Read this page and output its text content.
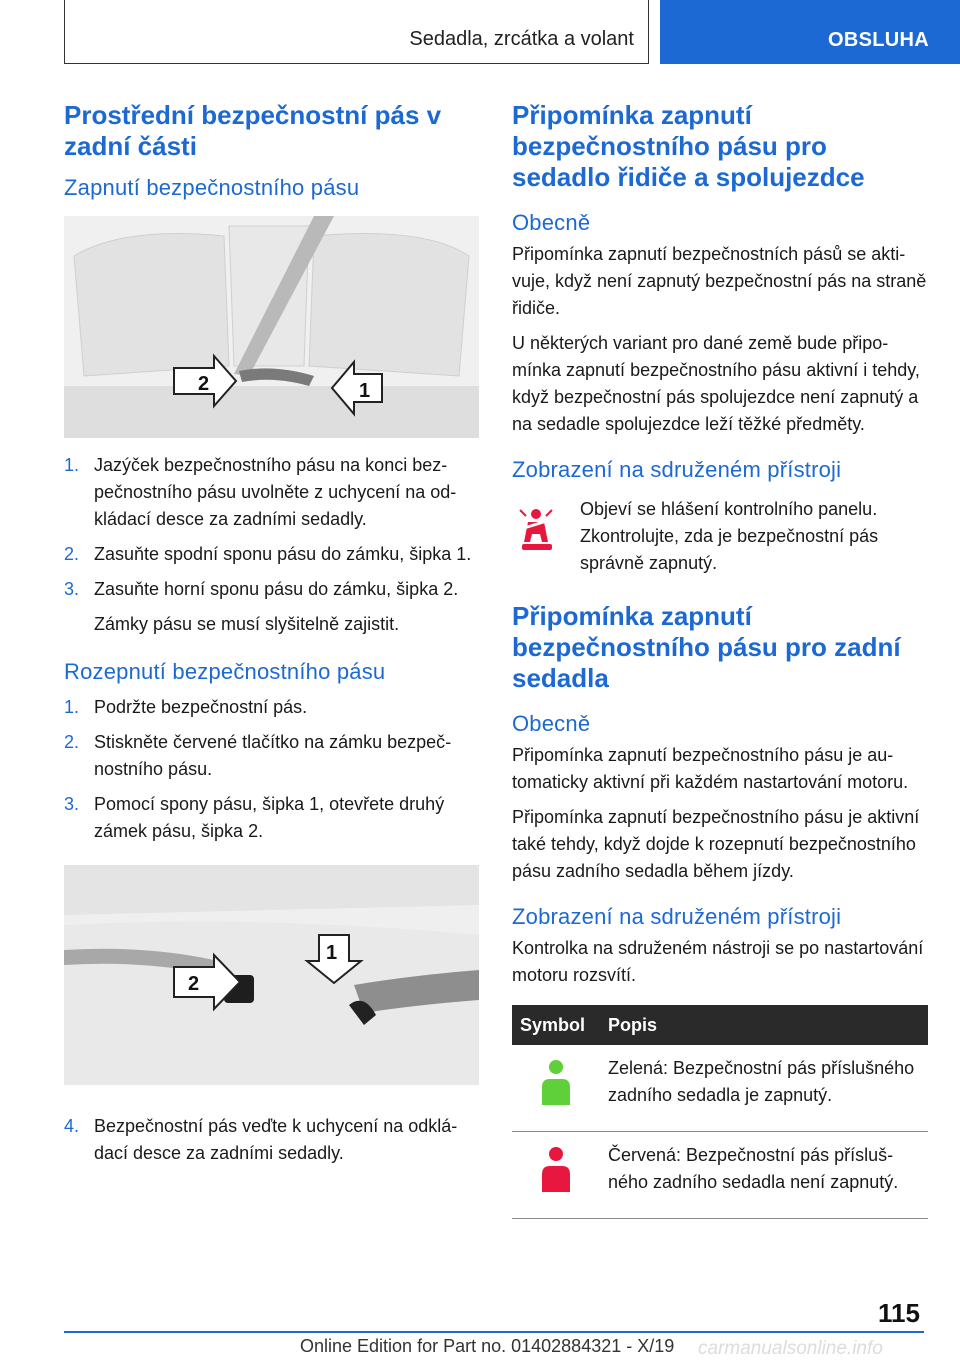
Sedadla, zrcátka a volant	OBSLUHA
Prostřední bezpečnostní pás v zadní části
Zapnutí bezpečnostního pásu
2	1
1. Jazýček bezpečnostního pásu na konci bezpečnostního pásu uvolněte z uchycení na odkládací desce za zadními sedadly.
2. Zasuňte spodní sponu pásu do zámku, šipka 1.
3. Zasuňte horní sponu pásu do zámku, šipka 2.
Zámky pásu se musí slyšitelně zajistit.
Rozepnutí bezpečnostního pásu
1. Podržte bezpečnostní pás.
2. Stiskněte červené tlačítko na zámku bezpečnostního pásu.
3. Pomocí spony pásu, šipka 1, otevřete druhý zámek pásu, šipka 2.
1
2
4. Bezpečnostní pás veďte k uchycení na odkládací desce za zadními sedadly.
Připomínka zapnutí bezpečnostního pásu pro sedadlo řidiče a spolujezdce
Obecně

Připomínka zapnutí bezpečnostních pásů se aktivuje, když není zapnutý bezpečnostní pás na straně řidiče.

U některých variant pro dané země bude připomínka zapnutí bezpečnostního pásu aktivní i tehdy, když bezpečnostní pás spolujezdce není zapnutý a na sedadle spolujezdce leží těžké předměty.

Zobrazení na sdruženém přístroji
Objeví se hlášení kontrolního panelu. Zkontrolujte, zda je bezpečnostní pás správně zapnutý.
Připomínka zapnutí bezpečnostního pásu pro zadní sedadla
Obecně

Připomínka zapnutí bezpečnostního pásu je automaticky aktivní při každém nastartování motoru.

Připomínka zapnutí bezpečnostního pásu je aktivní také tehdy, když dojde k rozepnutí bezpečnostního pásu zadního sedadla během jízdy.

Zobrazení na sdruženém přístroji

Kontrolka na sdruženém nástroji se po nastartování motoru rozsvítí.

Symbol	Popis
	Zelená: Bezpečnostní pás příslušného zadního sedadla je zapnutý.
	Červená: Bezpečnostní pás příslušného zadního sedadla není zapnutý.
115
Online Edition for Part no. 01402884321 - X/19 carmanualsonline.info
